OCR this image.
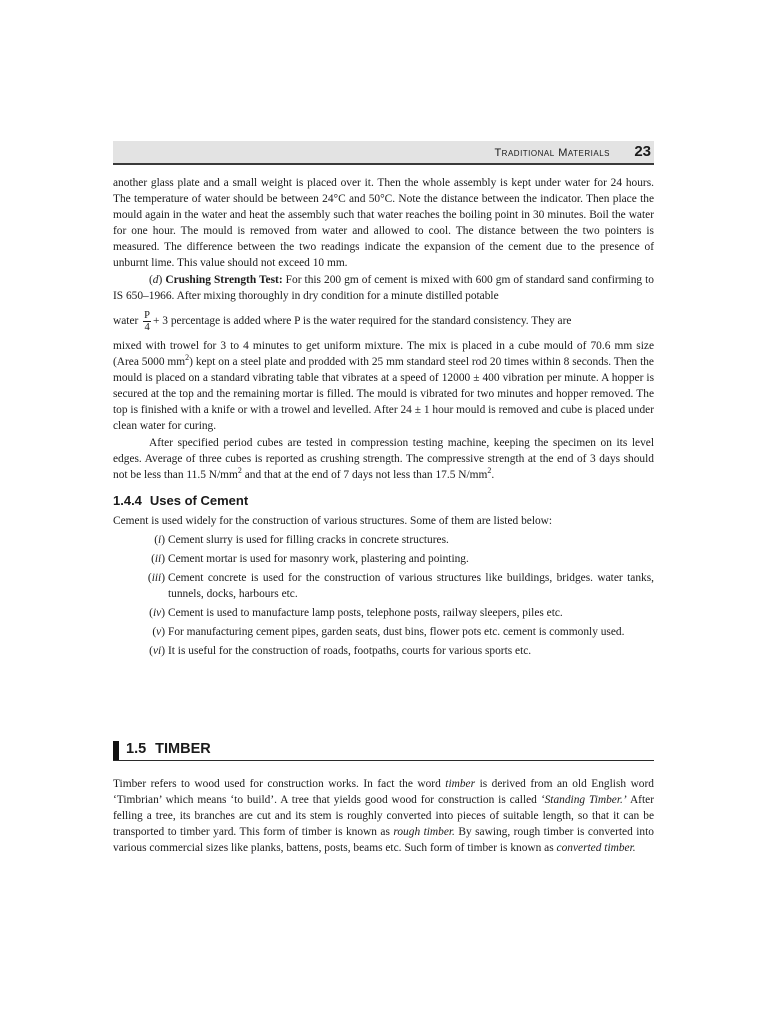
Traditional Materials 23

another glass plate and a small weight is placed over it. Then the whole assembly is kept under water for 24 hours. The temperature of water should be between 24°C and 50°C. Note the distance between the indicator. Then place the mould again in the water and heat the assembly such that water reaches the boiling point in 30 minutes. Boil the water for one hour. The mould is removed from water and allowed to cool. The distance between the two pointers is measured. The difference between the two readings indicate the expansion of the cement due to the presence of unburnt lime. This value should not exceed 10 mm.

(d) Crushing Strength Test: For this 200 gm of cement is mixed with 600 gm of standard sand confirming to IS 650–1966. After mixing thoroughly in dry condition for a minute distilled potable

water $\frac{P}{4} + 3$ percentage is added where P is the water required for the standard consistency. They are

mixed with trowel for 3 to 4 minutes to get uniform mixture. The mix is placed in a cube mould of 70.6 mm size (Area 5000 $mm^2$) kept on a steel plate and prodded with 25 mm standard steel rod 20 times within 8 seconds. Then the mould is placed on a standard vibrating table that vibrates at a speed of 12000 ± 400 vibration per minute. A hopper is secured at the top and the remaining mortar is filled. The mould is vibrated for two minutes and hopper removed. The top is finished with a knife or with a trowel and levelled. After 24 ± 1 hour mould is removed and cube is placed under clean water for curing.

After specified period cubes are tested in compression testing machine, keeping the specimen on its level edges. Average of three cubes is reported as crushing strength. The compressive strength at the end of 3 days should not be less than 11.5 $N/mm^2$ and that at the end of 7 days not less than 17.5 $N/mm^2$.

1.4.4 Uses of Cement

Cement is used widely for the construction of various structures. Some of them are listed below:

(i) Cement slurry is used for filling cracks in concrete structures.
(ii) Cement mortar is used for masonry work, plastering and pointing.
(iii) Cement concrete is used for the construction of various structures like buildings, bridges. water tanks, tunnels, docks, harbours etc.
(iv) Cement is used to manufacture lamp posts, telephone posts, railway sleepers, piles etc.
(v) For manufacturing cement pipes, garden seats, dust bins, flower pots etc. cement is commonly used.
(vi) It is useful for the construction of roads, footpaths, courts for various sports etc.
1.5 TIMBER

Timber refers to wood used for construction works. In fact the word timber is derived from an old English word ‘Timbrian’ which means ‘to build’. A tree that yields good wood for construction is called ‘Standing Timber.’ After felling a tree, its branches are cut and its stem is roughly converted into pieces of suitable length, so that it can be transported to timber yard. This form of timber is known as rough timber. By sawing, rough timber is converted into various commercial sizes like planks, battens, posts, beams etc. Such form of timber is known as converted timber.
